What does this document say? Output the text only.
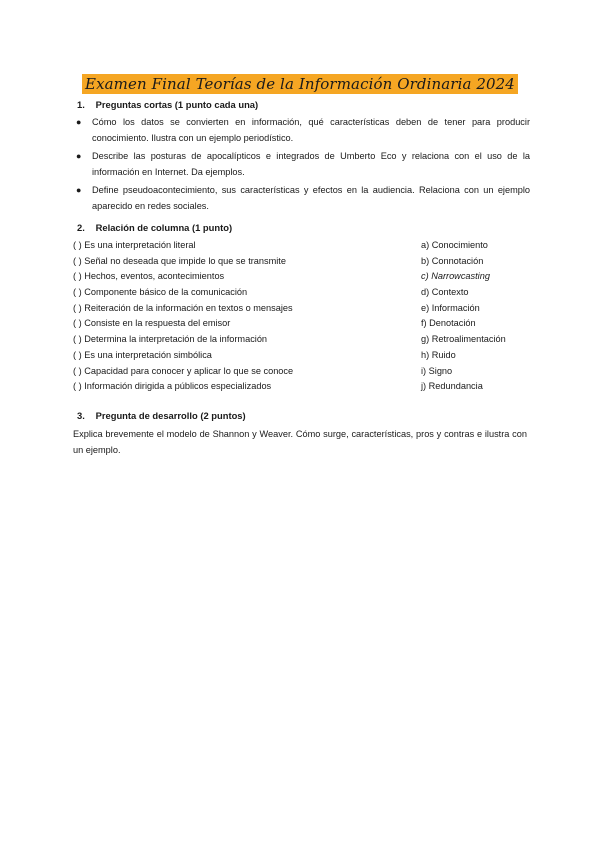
Examen Final Teorías de la Información Ordinaria 2024
1. Preguntas cortas (1 punto cada una)
● Cómo los datos se convierten en información, qué características deben de tener para producir conocimiento. Ilustra con un ejemplo periodístico.
● Describe las posturas de apocalípticos e integrados de Umberto Eco y relaciona con el uso de la información en Internet. Da ejemplos.
● Define pseudoacontecimiento, sus características y efectos en la audiencia. Relaciona con un ejemplo aparecido en redes sociales.
2. Relación de columna (1 punto)
( ) Es una interpretación literal	a) Conocimiento
( ) Señal no deseada que impide lo que se transmite	b) Connotación
( ) Hechos, eventos, acontecimientos	c) Narrowcasting
( ) Componente básico de la comunicación	d) Contexto
( ) Reiteración de la información en textos o mensajes	e) Información
( ) Consiste en la respuesta del emisor	f) Denotación
( ) Determina la interpretación de la información	g) Retroalimentación
( ) Es una interpretación simbólica	h) Ruido
( ) Capacidad para conocer y aplicar lo que se conoce	i) Signo
( ) Información dirigida a públicos especializados	j) Redundancia
3. Pregunta de desarrollo (2 puntos)
Explica brevemente el modelo de Shannon y Weaver. Cómo surge, características, pros y contras e ilustra con un ejemplo.
